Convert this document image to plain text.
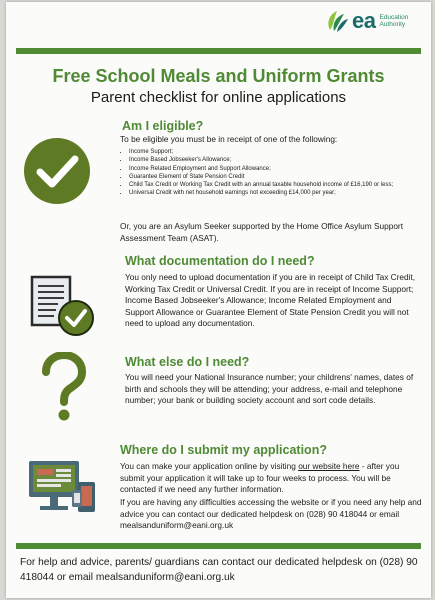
ea Education
Authority
Free School Meals and Uniform Grants
Parent checklist for online applications
Am I eligible?
To be eligible you must be in receipt of one of the following:
• Income Support;
• Income Based Jobseeker's Allowance;
• Income Related Employment and Support Allowance;
• Guarantee Element of State Pension Credit
• Child Tax Credit or Working Tax Credit with an annual taxable household income of £16,190 or less;
• Universal Credit with net household earnings not exceeding £14,000 per year;
Or, you are an Asylum Seeker supported by the Home Office Asylum Support Assessment Team (ASAT).
What documentation do I need?
You only need to upload documentation if you are in receipt of Child Tax Credit, Working Tax Credit or Universal Credit. If you are in receipt of Income Support; Income Based Jobseeker's Allowance; Income Related Employment and Support Allowance or Guarantee Element of State Pension Credit you will not need to upload any documentation.
What else do I need?
You will need your National Insurance number; your childrens' names, dates of birth and schools they will be attending; your address, e-mail and telephone number; your bank or building society account and sort code details.
Where do I submit my application?
You can make your application online by visiting our website here - after you submit your application it will take up to four weeks to process. You will be contacted if we need any further information.
If you are having any difficulties accessing the website or if you need any help and advice you can contact our dedicated helpdesk on (028) 90 418044 or email mealsanduniform@eani.org.uk
For help and advice, parents/ guardians can contact our dedicated helpdesk on (028) 90 418044 or email mealsanduniform@eani.org.uk
